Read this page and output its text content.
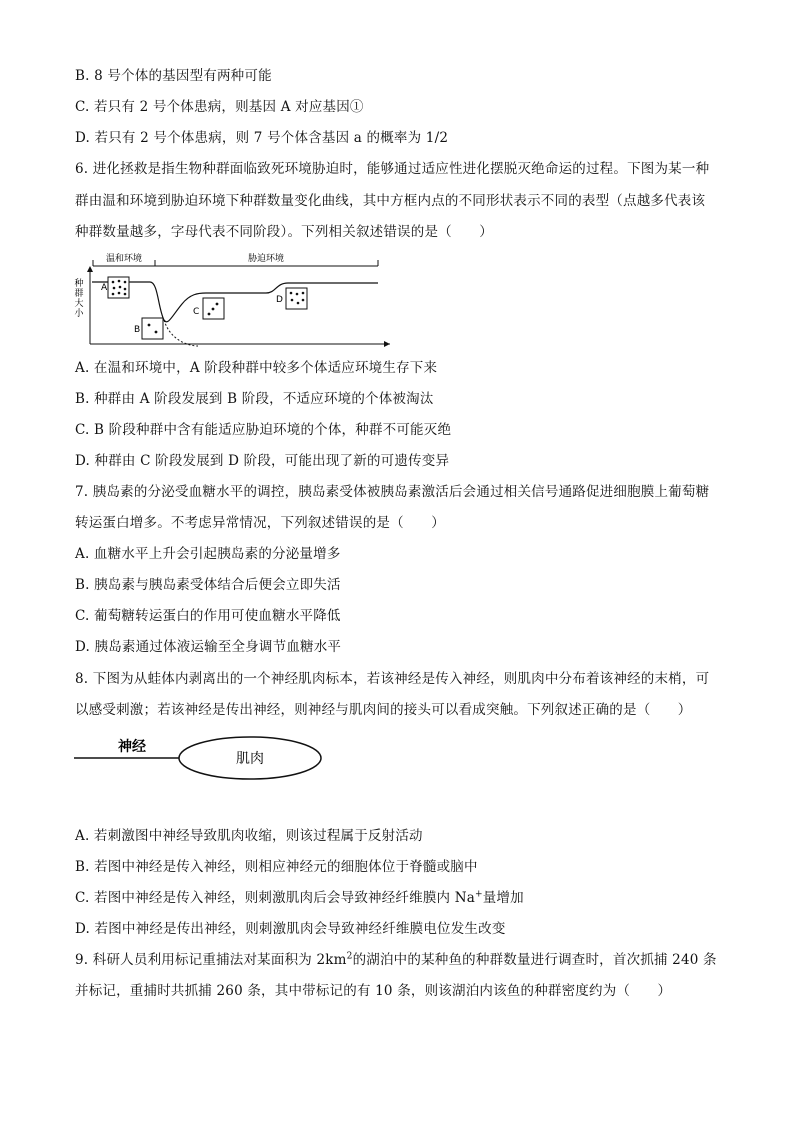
B. 8 号个体的基因型有两种可能
C. 若只有 2 号个体患病，则基因 A 对应基因①
D. 若只有 2 号个体患病，则 7 号个体含基因 a 的概率为 1/2
6. 进化拯救是指生物种群面临致死环境胁迫时，能够通过适应性进化摆脱灭绝命运的过程。下图为某一种
群由温和环境到胁迫环境下种群数量变化曲线，其中方框内点的不同形状表示不同的表型（点越多代表该
种群数量越多，字母代表不同阶段）。下列相关叙述错误的是（　　）
温和环境	胁迫环境
种群大小
A
B
C
D
A. 在温和环境中，A 阶段种群中较多个体适应环境生存下来
B. 种群由 A 阶段发展到 B 阶段，不适应环境的个体被淘汰
C. B 阶段种群中含有能适应胁迫环境的个体，种群不可能灭绝
D. 种群由 C 阶段发展到 D 阶段，可能出现了新的可遗传变异
7. 胰岛素的分泌受血糖水平的调控，胰岛素受体被胰岛素激活后会通过相关信号通路促进细胞膜上葡萄糖
转运蛋白增多。不考虑异常情况，下列叙述错误的是（　　）
A. 血糖水平上升会引起胰岛素的分泌量增多
B. 胰岛素与胰岛素受体结合后便会立即失活
C. 葡萄糖转运蛋白的作用可使血糖水平降低
D. 胰岛素通过体液运输至全身调节血糖水平
8. 下图为从蛙体内剥离出的一个神经肌肉标本，若该神经是传入神经，则肌肉中分布着该神经的末梢，可
以感受刺激；若该神经是传出神经，则神经与肌肉间的接头可以看成突触。下列叙述正确的是（　　）
神经
肌肉
A. 若刺激图中神经导致肌肉收缩，则该过程属于反射活动
B. 若图中神经是传入神经，则相应神经元的细胞体位于脊髓或脑中
C. 若图中神经是传入神经，则刺激肌肉后会导致神经纤维膜内 Na+量增加
D. 若图中神经是传出神经，则刺激肌肉会导致神经纤维膜电位发生改变
9. 科研人员利用标记重捕法对某面积为 $2km^2$的湖泊中的某种鱼的种群数量进行调查时，首次抓捕 240 条
并标记，重捕时共抓捕 260 条，其中带标记的有 10 条，则该湖泊内该鱼的种群密度约为（　　）
